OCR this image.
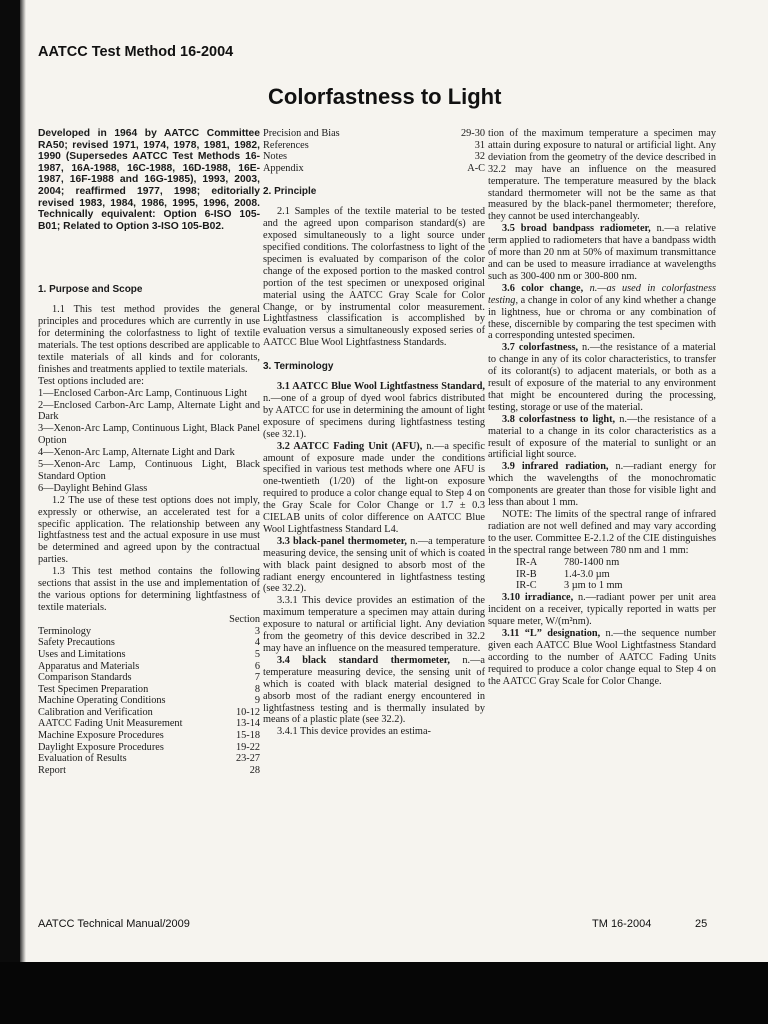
AATCC Test Method 16-2004
Colorfastness to Light

Developed in 1964 by AATCC Committee RA50; revised 1971, 1974, 1978, 1981, 1982, 1990 (Supersedes AATCC Test Methods 16-1987, 16A-1988, 16C-1988, 16D-1988, 16E-1987, 16F-1988 and 16G-1985), 1993, 2003, 2004; reaffirmed 1977, 1998; editorially revised 1983, 1984, 1986, 1995, 1996, 2008. Technically equivalent: Option 6-ISO 105-B01; Related to Option 3-ISO 105-B02.

1. Purpose and Scope

1.1 This test method provides the general principles and procedures which are currently in use for determining the colorfastness to light of textile materials. The test options described are applicable to textile materials of all kinds and for colorants, finishes and treatments applied to textile materials.

Test options included are:

1—Enclosed Carbon-Arc Lamp, Continuous Light

2—Enclosed Carbon-Arc Lamp, Alternate Light and Dark

3—Xenon-Arc Lamp, Continuous Light, Black Panel Option

4—Xenon-Arc Lamp, Alternate Light and Dark

5—Xenon-Arc Lamp, Continuous Light, Black Standard Option

6—Daylight Behind Glass

1.2 The use of these test options does not imply, expressly or otherwise, an accelerated test for a specific application. The relationship between any lightfastness test and the actual exposure in use must be determined and agreed upon by the contractual parties.

1.3 This test method contains the following sections that assist in the use and implementation of the various options for determining lightfastness of textile materials.

Section
Terminology	3
Safety Precautions	4
Uses and Limitations	5
Apparatus and Materials	6
Comparison Standards	7
Test Specimen Preparation	8
Machine Operating Conditions	9
Calibration and Verification	10-12
AATCC Fading Unit Measurement	13-14
Machine Exposure Procedures	15-18
Daylight Exposure Procedures	19-22
Evaluation of Results	23-27
Report	28
Precision and Bias	29-30
References	31
Notes	32
Appendix	A-C
2. Principle

2.1 Samples of the textile material to be tested and the agreed upon comparison standard(s) are exposed simultaneously to a light source under specified conditions. The colorfastness to light of the specimen is evaluated by comparison of the color change of the exposed portion to the masked control portion of the test specimen or unexposed original material using the AATCC Gray Scale for Color Change, or by instrumental color measurement. Lightfastness classification is accomplished by evaluation versus a simultaneously exposed series of AATCC Blue Wool Lightfastness Standards.

3. Terminology

3.1 AATCC Blue Wool Lightfastness Standard, n.—one of a group of dyed wool fabrics distributed by AATCC for use in determining the amount of light exposure of specimens during lightfastness testing (see 32.1).

3.2 AATCC Fading Unit (AFU), n.—a specific amount of exposure made under the conditions specified in various test methods where one AFU is one-twentieth (1/20) of the light-on exposure required to produce a color change equal to Step 4 on the Gray Scale for Color Change or 1.7 ± 0.3 CIELAB units of color difference on AATCC Blue Wool Lightfastness Standard L4.

3.3 black-panel thermometer, n.—a temperature measuring device, the sensing unit of which is coated with black paint designed to absorb most of the radiant energy encountered in lightfastness testing (see 32.2).

3.3.1 This device provides an estimation of the maximum temperature a specimen may attain during exposure to natural or artificial light. Any deviation from the geometry of this device described in 32.2 may have an influence on the measured temperature.

3.4 black standard thermometer, n.—a temperature measuring device, the sensing unit of which is coated with black material designed to absorb most of the radiant energy encountered in lightfastness testing and is thermally insulated by means of a plastic plate (see 32.2).

3.4.1 This device provides an estima-

tion of the maximum temperature a specimen may attain during exposure to natural or artificial light. Any deviation from the geometry of the device described in 32.2 may have an influence on the measured temperature. The temperature measured by the black standard thermometer will not be the same as that measured by the black-panel thermometer; therefore, they cannot be used interchangeably.

3.5 broad bandpass radiometer, n.—a relative term applied to radiometers that have a bandpass width of more than 20 nm at 50% of maximum transmittance and can be used to measure irradiance at wavelengths such as 300-400 nm or 300-800 nm.

3.6 color change, n.—as used in colorfastness testing, a change in color of any kind whether a change in lightness, hue or chroma or any combination of these, discernible by comparing the test specimen with a corresponding untested specimen.

3.7 colorfastness, n.—the resistance of a material to change in any of its color characteristics, to transfer of its colorant(s) to adjacent materials, or both as a result of exposure of the material to any environment that might be encountered during the processing, testing, storage or use of the material.

3.8 colorfastness to light, n.—the resistance of a material to a change in its color characteristics as a result of exposure of the material to sunlight or an artificial light source.

3.9 infrared radiation, n.—radiant energy for which the wavelengths of the monochromatic components are greater than those for visible light and less than about 1 mm.

NOTE: The limits of the spectral range of infrared radiation are not well defined and may vary according to the user. Committee E-2.1.2 of the CIE distinguishes in the spectral range between 780 nm and 1 mm:

IR-A	780-1400 nm
IR-B	1.4-3.0 µm
IR-C	3 µm to 1 mm

3.10 irradiance, n.—radiant power per unit area incident on a receiver, typically reported in watts per square meter, W/(m²nm).

3.11 “L” designation, n.—the sequence number given each AATCC Blue Wool Lightfastness Standard according to the number of AATCC Fading Units required to produce a color change equal to Step 4 on the AATCC Gray Scale for Color Change.

AATCC Technical Manual/2009	TM 16-2004	25
